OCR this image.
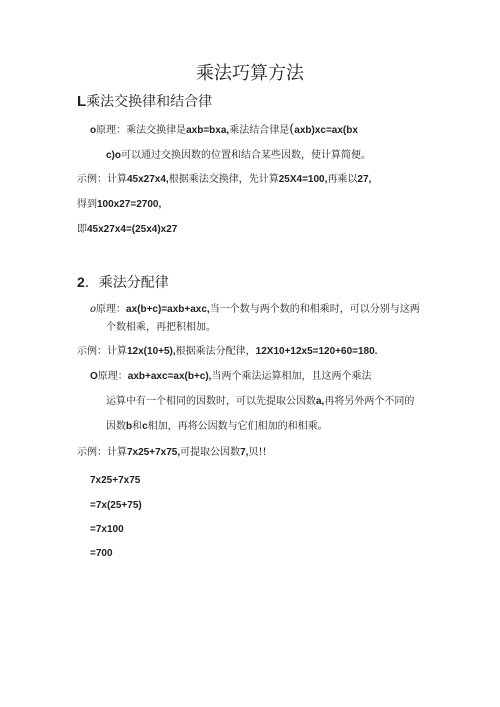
乘法巧算方法
L乘法交换律和结合律
o原理：乘法交换律是axb=bxa,乘法结合律是(axb)xc=ax(bx
c)o可以通过交换因数的位置和结合某些因数，使计算简便。
示例：计算45x27x4,根据乘法交换律，先计算25X4=100,再乘以27,
得到100x27=2700,
即45x27x4=(25x4)x27
2．乘法分配律
o原理：ax(b+c)=axb+axc,当一个数与两个数的和相乘时，可以分别与这两
个数相乘，再把积相加。
示例：计算12x(10+5),根据乘法分配律，12X10+12x5=120+60=180.
O原理：axb+axc=ax(b+c),当两个乘法运算相加，且这两个乘法
运算中有一个相同的因数时，可以先提取公因数a,再将另外两个不同的
因数b和c相加，再将公因数与它们相加的和相乘。
示例：计算7x25+7x75,可提取公因数7,贝!!
7x25+7x75
=7x(25+75)
=7x100
=700
